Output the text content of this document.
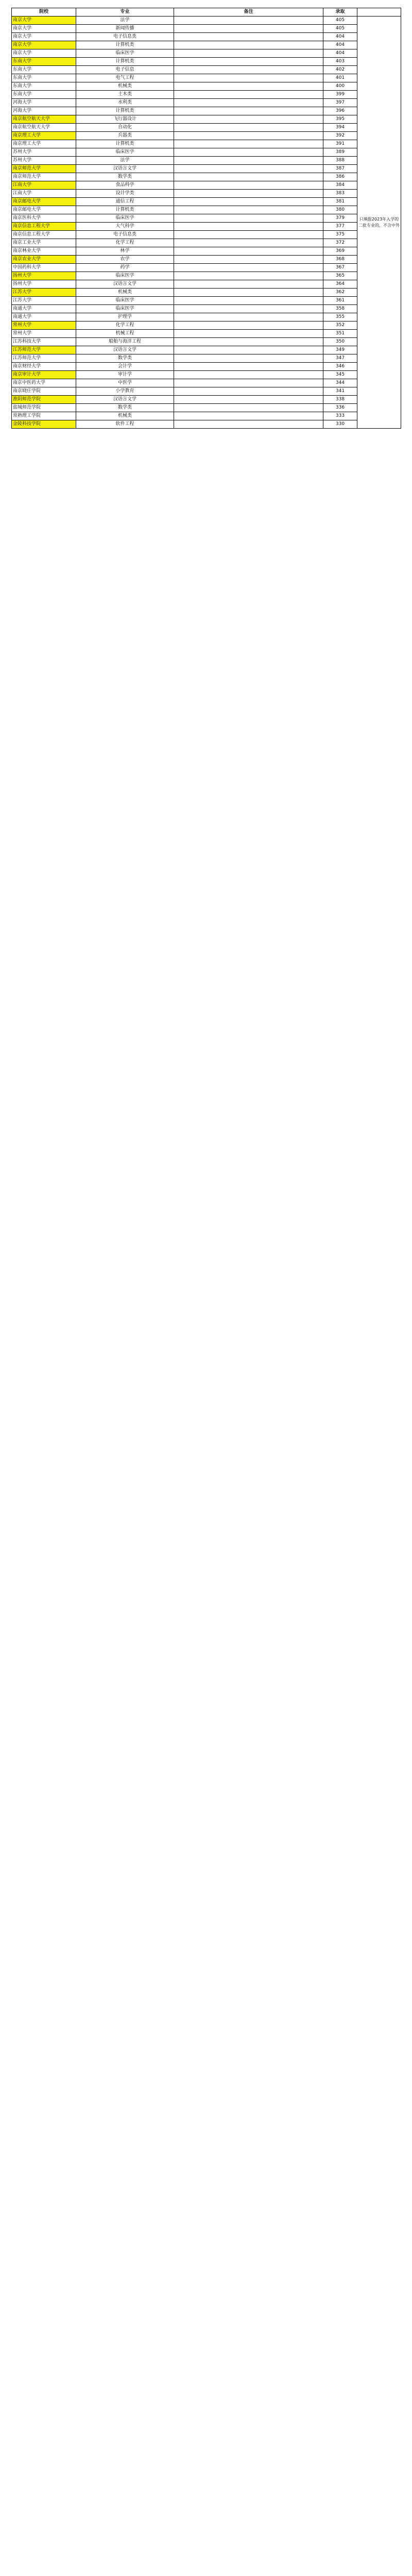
院校	专业	备注	录取	
南京大学	法学		405	只填报2023年入学的二批专业的，不含中外
南京大学	新闻传播		405	
南京大学	电子信息类		404	
南京大学	计算机类		404	
南京大学	临床医学		404	
东南大学	计算机类		403	
东南大学	电子信息		402	
东南大学	电气工程		401	
东南大学	机械类		400	
东南大学	土木类		399	
河海大学	水利类		397	
河海大学	计算机类		396	
南京航空航天大学	飞行器设计		395	
南京航空航天大学	自动化		394	
南京理工大学	兵器类		392	
南京理工大学	计算机类		391	
苏州大学	临床医学		389	
苏州大学	法学		388	
南京师范大学	汉语言文学		387	
南京师范大学	数学类		386	
江南大学	食品科学		384	
江南大学	设计学类		383	
南京邮电大学	通信工程		381	
南京邮电大学	计算机类		380	
南京医科大学	临床医学		379	
南京信息工程大学	大气科学		377	
南京信息工程大学	电子信息类		375	
南京工业大学	化学工程		372	
南京林业大学	林学		369	
南京农业大学	农学		368	
中国药科大学	药学		367	
扬州大学	临床医学		365	
扬州大学	汉语言文学		364	
江苏大学	机械类		362	
江苏大学	临床医学		361	
南通大学	临床医学		358	
南通大学	护理学		355	
常州大学	化学工程		352	
常州大学	机械工程		351	
江苏科技大学	船舶与海洋工程		350	
江苏师范大学	汉语言文学		349	
江苏师范大学	数学类		347	
南京财经大学	会计学		346	
南京审计大学	审计学		345	
南京中医药大学	中医学		344	
南京晓庄学院	小学教育		341	
淮阴师范学院	汉语言文学		338	
盐城师范学院	数学类		336	
常熟理工学院	机械类		333	
金陵科技学院	软件工程		330	
